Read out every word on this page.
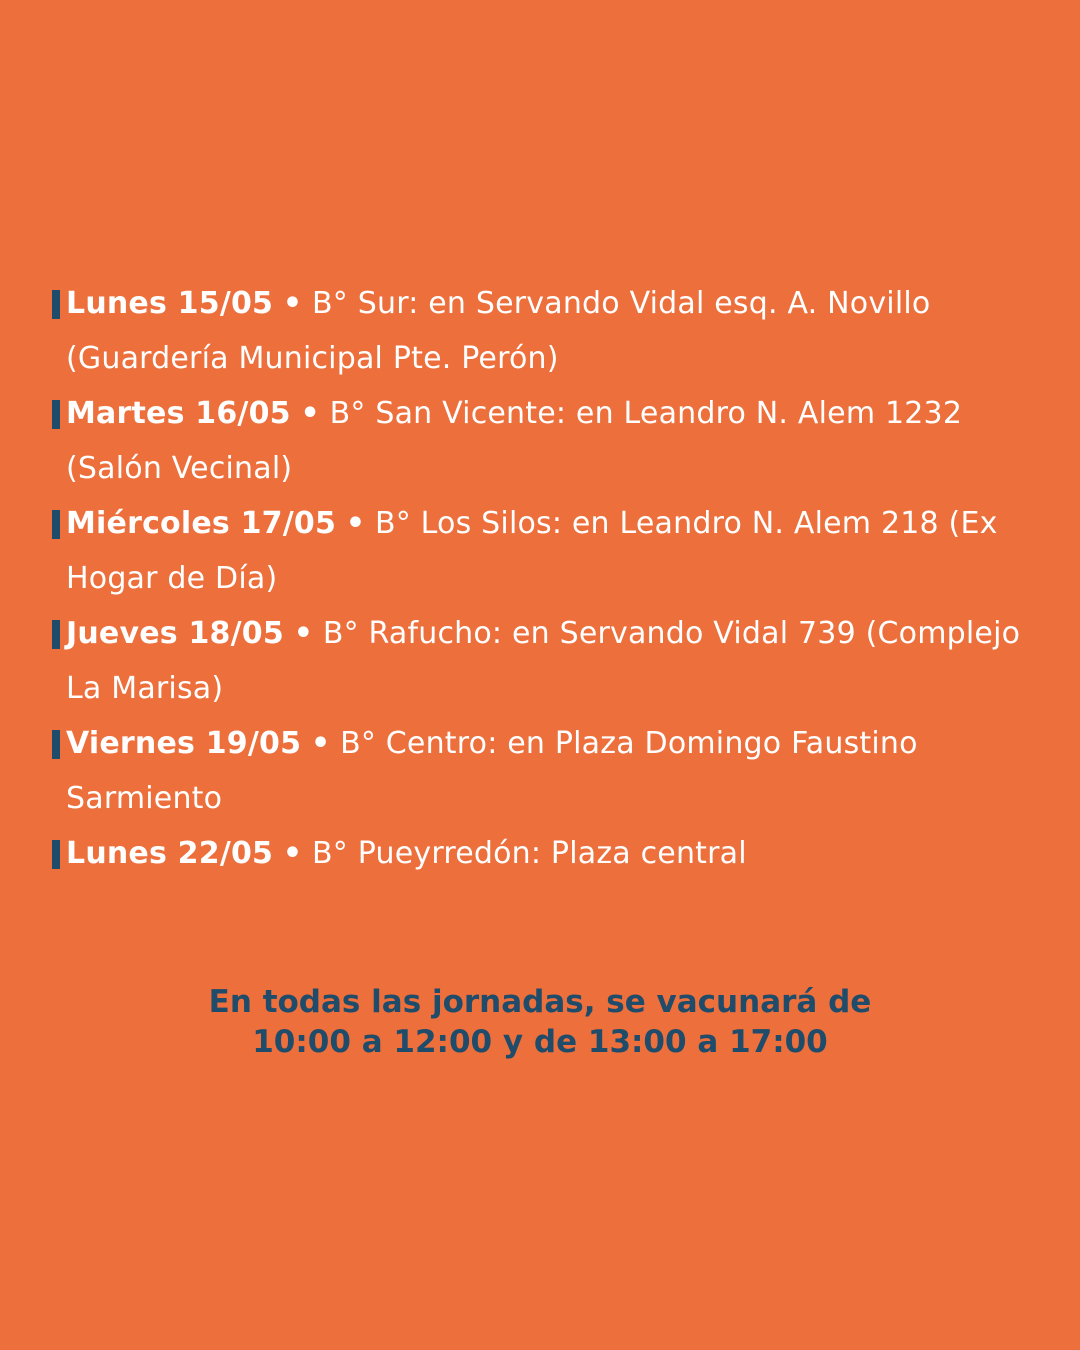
Lunes 15/05 • B° Sur: en Servando Vidal esq. A. Novillo (Guardería Municipal Pte. Perón)
Martes 16/05 • B° San Vicente: en Leandro N. Alem 1232 (Salón Vecinal)
Miércoles 17/05 • B° Los Silos: en Leandro N. Alem 218 (Ex Hogar de Día)
Jueves 18/05 • B° Rafucho: en Servando Vidal 739 (Complejo La Marisa)
Viernes 19/05 • B° Centro: en Plaza Domingo Faustino Sarmiento
Lunes 22/05 • B° Pueyrredón: Plaza central
En todas las jornadas, se vacunará de
10:00 a 12:00 y de 13:00 a 17:00
